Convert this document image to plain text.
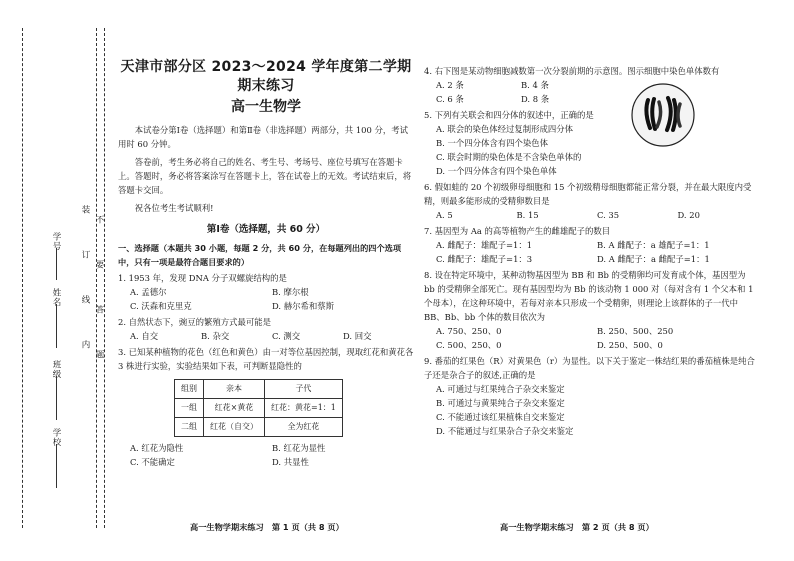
装
订
线
内
不
要
答
题
学号
姓名
班级
学校

天津市部分区 2023～2024 学年度第二学期期末练习

高一生物学

本试卷分第Ⅰ卷（选择题）和第Ⅱ卷（非选择题）两部分，共 100 分，考试用时 60 分钟。

答卷前，考生务必将自己的姓名、考生号、考场号、座位号填写在答题卡上。答题时，务必将答案涂写在答题卡上，答在试卷上的无效。考试结束后，将答题卡交回。

祝各位考生考试顺利!

第Ⅰ卷（选择题，共 60 分）

一、选择题（本题共 30 小题，每题 2 分，共 60 分，在每题列出的四个选项中，只有一项是最符合题目要求的）

1. 1953 年，发现 DNA 分子双螺旋结构的是

A. 孟德尔	B. 摩尔根
C. 沃森和克里克	D. 赫尔希和蔡斯

2. 自然状态下，豌豆的繁殖方式最可能是

A. 自交	B. 杂交	C. 测交	D. 回交

3. 已知某种植物的花色（红色和黄色）由一对等位基因控制，现取红花和黄花各 3 株进行实验，实验结果如下表，可判断显隐性的

组别	亲本	子代
一组	红花×黄花	红花：黄花=1：1
二组	红花（自交）	全为红花
A. 红花为隐性	B. 红花为显性
C. 不能确定	D. 共显性

4. 右下图是某动物细胞减数第一次分裂前期的示意图。图示细胞中染色单体数有

A. 2 条	B. 4 条
C. 6 条	D. 8 条

5. 下列有关联会和四分体的叙述中，正确的是

A. 联会的染色体经过复制形成四分体
B. 一个四分体含有四个染色体
C. 联会时期的染色体是不含染色单体的
D. 一个四分体含有四个染色单体

6. 假如蛙的 20 个初级卵母细胞和 15 个初级精母细胞都能正常分裂，并在最大限度内受精，则最多能形成的受精卵数目是

A. 5	B. 15	C. 35	D. 20

7. 基因型为 Aa 的高等植物产生的雌雄配子的数目

A. 雌配子：雄配子=1：1	B. A 雌配子：a 雄配子=1：1
C. 雌配子：雄配子=1：3	D. A 雌配子：a 雌配子=1：1

8. 设在特定环境中，某种动物基因型为 BB 和 Bb 的受精卵均可发育成个体，基因型为 bb 的受精卵全部死亡。现有基因型均为 Bb 的该动物 1 000 对（每对含有 1 个父本和 1 个母本），在这种环境中，若每对亲本只形成一个受精卵，则理论上该群体的子一代中 BB、Bb、bb 个体的数目依次为

A. 750、250、0	B. 250、500、250
C. 500、250、0	D. 250、500、0

9. 番茄的红果色（R）对黄果色（r）为显性。以下关于鉴定一株结红果的番茄植株是纯合子还是杂合子的叙述,正确的是

A. 可通过与红果纯合子杂交来鉴定
B. 可通过与黄果纯合子杂交来鉴定
C. 不能通过该红果植株自交来鉴定
D. 不能通过与红果杂合子杂交来鉴定
高一生物学期末练习　第 1 页（共 8 页）	高一生物学期末练习　第 2 页（共 8 页）
